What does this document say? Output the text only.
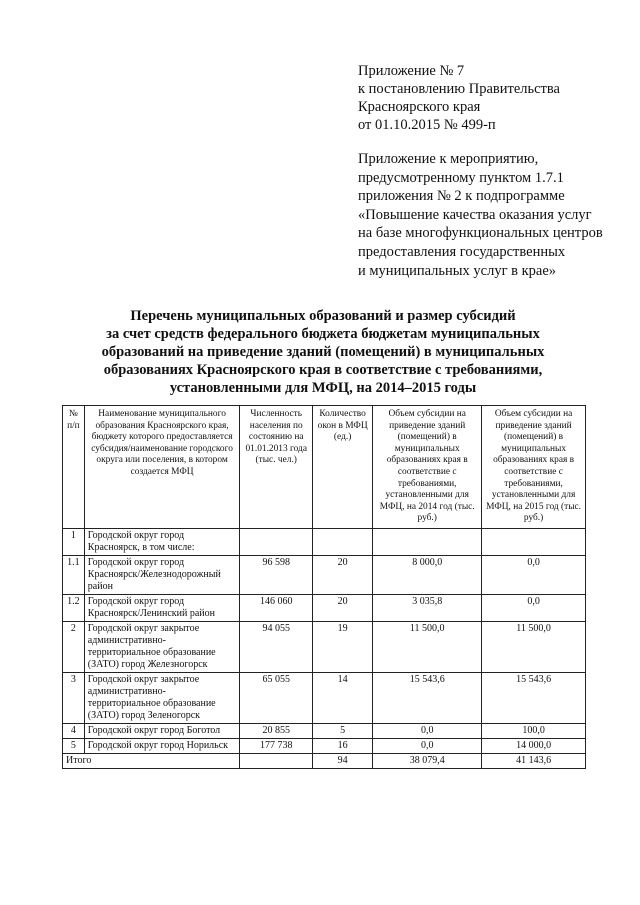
Приложение № 7
к постановлению Правительства
Красноярского края
от 01.10.2015 № 499-п
Приложение к мероприятию,
предусмотренному пунктом 1.7.1
приложения № 2 к подпрограмме
«Повышение качества оказания услуг
на базе многофункциональных центров
предоставления государственных
и муниципальных услуг в крае»
Перечень муниципальных образований и размер субсидий
за счет средств федерального бюджета бюджетам муниципальных
образований на приведение зданий (помещений) в муниципальных
образованиях Красноярского края в соответствие с требованиями,
установленными для МФЦ, на 2014–2015 годы
№ п/п	Наименование муниципального образования Красноярского края, бюджету которого предоставляется субсидия/наименование городского округа или поселения, в котором создается МФЦ	Численность населения по состоянию на 01.01.2013 года (тыс. чел.)	Количество окон в МФЦ (ед.)	Объем субсидии на приведение зданий (помещений) в муниципальных образованиях края в соответствие с требованиями, установленными для МФЦ, на 2014 год (тыс. руб.)	Объем субсидии на приведение зданий (помещений) в муниципальных образованиях края в соответствие с требованиями, установленными для МФЦ, на 2015 год (тыс. руб.)
1	Городской округ город Красноярск, в том числе:				
1.1	Городской округ город Красноярск/Железнодорожный район	96 598	20	8 000,0	0,0
1.2	Городской округ город Красноярск/Ленинский район	146 060	20	3 035,8	0,0
2	Городской округ закрытое административно-территориальное образование (ЗАТО) город Железногорск	94 055	19	11 500,0	11 500,0
3	Городской округ закрытое административно-территориальное образование (ЗАТО) город Зеленогорск	65 055	14	15 543,6	15 543,6
4	Городской округ город Боготол	20 855	5	0,0	100,0
5	Городской округ город Норильск	177 738	16	0,0	14 000,0
Итого			94	38 079,4	41 143,6
